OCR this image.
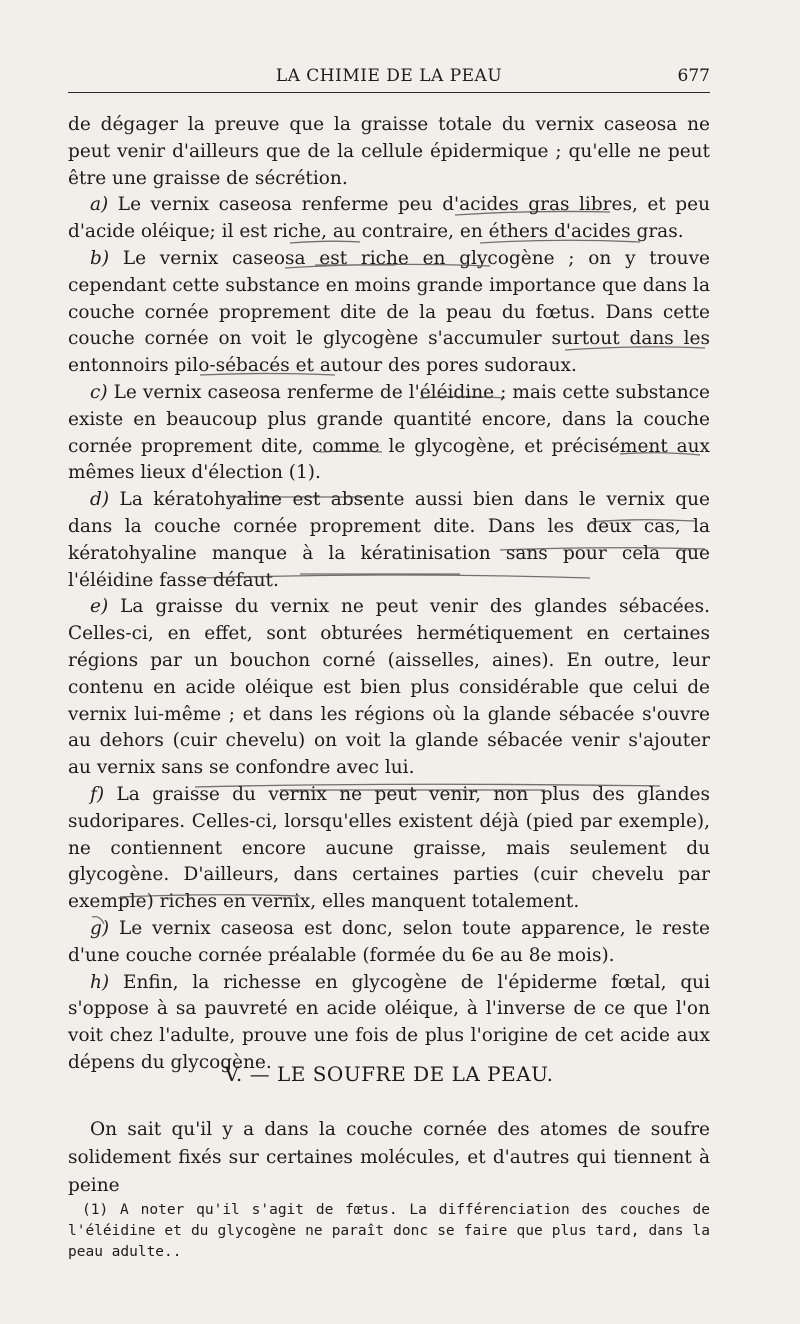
LA CHIMIE DE LA PEAU	677

de dégager la preuve que la graisse totale du vernix caseosa ne peut venir d'ailleurs que de la cellule épidermique ; qu'elle ne peut être une graisse de sécrétion.

a) Le vernix caseosa renferme peu d'acides gras libres, et peu d'acide oléique; il est riche, au contraire, en éthers d'acides gras.

b) Le vernix caseosa est riche en glycogène ; on y trouve cependant cette substance en moins grande importance que dans la couche cornée proprement dite de la peau du fœtus. Dans cette couche cornée on voit le glycogène s'accumuler surtout dans les entonnoirs pilo-sébacés et autour des pores sudoraux.

c) Le vernix caseosa renferme de l'éléidine ; mais cette substance existe en beaucoup plus grande quantité encore, dans la couche cornée proprement dite, comme le glycogène, et précisément aux mêmes lieux d'élection (1).

d) La kératohyaline est absente aussi bien dans le vernix que dans la couche cornée proprement dite. Dans les deux cas, la kératohyaline manque à la kératinisation sans pour cela que l'éléidine fasse défaut.

e) La graisse du vernix ne peut venir des glandes sébacées. Celles-ci, en effet, sont obturées hermétiquement en certaines régions par un bouchon corné (aisselles, aines). En outre, leur contenu en acide oléique est bien plus considérable que celui de vernix lui-même ; et dans les régions où la glande sébacée s'ouvre au dehors (cuir chevelu) on voit la glande sébacée venir s'ajouter au vernix sans se confondre avec lui.

f) La graisse du vernix ne peut venir, non plus des glandes sudoripares. Celles-ci, lorsqu'elles existent déjà (pied par exemple), ne contiennent encore aucune graisse, mais seulement du glycogène. D'ailleurs, dans certaines parties (cuir chevelu par exemple) riches en vernix, elles manquent totalement.

g) Le vernix caseosa est donc, selon toute apparence, le reste d'une couche cornée préalable (formée du 6e au 8e mois).

h) Enfin, la richesse en glycogène de l'épiderme fœtal, qui s'oppose à sa pauvreté en acide oléique, à l'inverse de ce que l'on voit chez l'adulte, prouve une fois de plus l'origine de cet acide aux dépens du glycogène.

V. — LE SOUFRE DE LA PEAU.
On sait qu'il y a dans la couche cornée des atomes de soufre solidement fixés sur certaines molécules, et d'autres qui tiennent à peine
(1) A noter qu'il s'agit de fœtus. La différenciation des couches de l'éléidine et du glycogène ne paraît donc se faire que plus tard, dans la peau adulte..
